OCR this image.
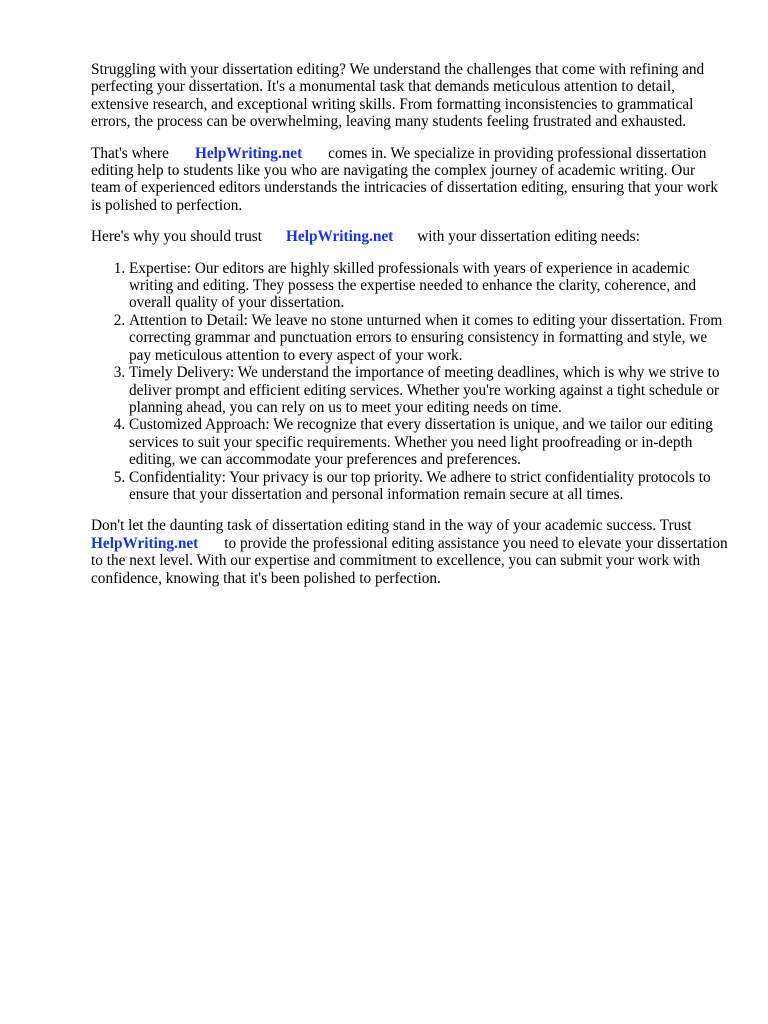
Struggling with your dissertation editing? We understand the challenges that come with refining and perfecting your dissertation. It's a monumental task that demands meticulous attention to detail, extensive research, and exceptional writing skills. From formatting inconsistencies to grammatical errors, the process can be overwhelming, leaving many students feeling frustrated and exhausted.

That's where HelpWriting.net comes in. We specialize in providing professional dissertation editing help to students like you who are navigating the complex journey of academic writing. Our team of experienced editors understands the intricacies of dissertation editing, ensuring that your work is polished to perfection.

Here's why you should trust HelpWriting.net with your dissertation editing needs:

1. Expertise: Our editors are highly skilled professionals with years of experience in academic writing and editing. They possess the expertise needed to enhance the clarity, coherence, and overall quality of your dissertation.
2. Attention to Detail: We leave no stone unturned when it comes to editing your dissertation. From correcting grammar and punctuation errors to ensuring consistency in formatting and style, we pay meticulous attention to every aspect of your work.
3. Timely Delivery: We understand the importance of meeting deadlines, which is why we strive to deliver prompt and efficient editing services. Whether you're working against a tight schedule or planning ahead, you can rely on us to meet your editing needs on time.
4. Customized Approach: We recognize that every dissertation is unique, and we tailor our editing services to suit your specific requirements. Whether you need light proofreading or in-depth editing, we can accommodate your preferences and preferences.
5. Confidentiality: Your privacy is our top priority. We adhere to strict confidentiality protocols to ensure that your dissertation and personal information remain secure at all times.

Don't let the daunting task of dissertation editing stand in the way of your academic success. Trust HelpWriting.net to provide the professional editing assistance you need to elevate your dissertation to the next level. With our expertise and commitment to excellence, you can submit your work with confidence, knowing that it's been polished to perfection.
